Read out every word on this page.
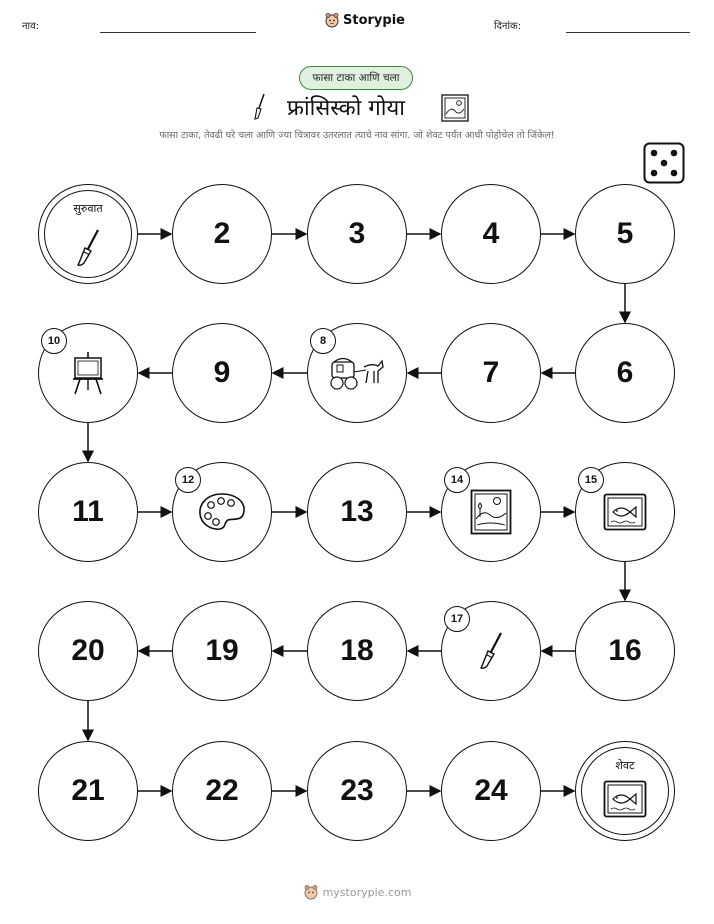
नाव:	Storypie	दिनांक:
फासा टाका आणि चला
फ्रांसिस्को गोया
फासा टाका, तेवढी घरे चला आणि ज्या चित्रावर उतरलात त्याचे नाव सांगा. जो शेवट पर्यंत आधी पोहोचेल तो जिंकेल!
सुरुवात
2	3	4	5
6
7
8
9
10
11
12
13
14	15
16
17
18
19
20
21	22	23	24
शेवट
mystorypie.com
